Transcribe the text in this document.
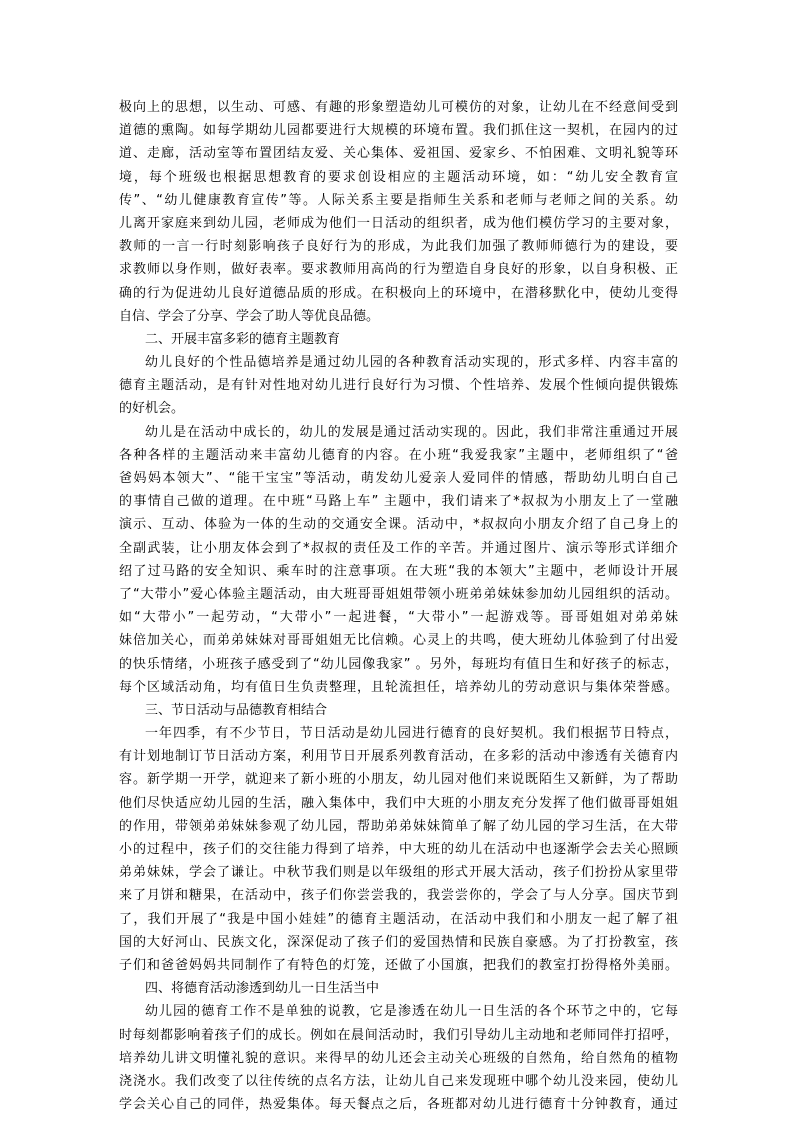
极向上的思想，以生动、可感、有趣的形象塑造幼儿可模仿的对象，让幼儿在不经意间受到
道德的熏陶。如每学期幼儿园都要进行大规模的环境布置。我们抓住这一契机，在园内的过
道、走廊，活动室等布置团结友爱、关心集体、爱祖国、爱家乡、不怕困难、文明礼貌等环
境，每个班级也根据思想教育的要求创设相应的主题活动环境，如：“幼儿安全教育宣
传”、“幼儿健康教育宣传”等。人际关系主要是指师生关系和老师与老师之间的关系。幼
儿离开家庭来到幼儿园，老师成为他们一日活动的组织者，成为他们模仿学习的主要对象，
教师的一言一行时刻影响孩子良好行为的形成，为此我们加强了教师师德行为的建设，要
求教师以身作则，做好表率。要求教师用高尚的行为塑造自身良好的形象，以自身积极、正
确的行为促进幼儿良好道德品质的形成。在积极向上的环境中，在潜移默化中，使幼儿变得
自信、学会了分享、学会了助人等优良品德。
二、开展丰富多彩的德育主题教育
幼儿良好的个性品德培养是通过幼儿园的各种教育活动实现的，形式多样、内容丰富的
德育主题活动，是有针对性地对幼儿进行良好行为习惯、个性培养、发展个性倾向提供锻炼
的好机会。
幼儿是在活动中成长的，幼儿的发展是通过活动实现的。因此，我们非常注重通过开展
各种各样的主题活动来丰富幼儿德育的内容。在小班“我爱我家”主题中，老师组织了“爸
爸妈妈本领大”、“能干宝宝”等活动，萌发幼儿爱亲人爱同伴的情感，帮助幼儿明白自己
的事情自己做的道理。在中班“马路上车” 主题中，我们请来了*叔叔为小朋友上了一堂融
演示、互动、体验为一体的生动的交通安全课。活动中，*叔叔向小朋友介绍了自己身上的
全副武装，让小朋友体会到了*叔叔的责任及工作的辛苦。并通过图片、演示等形式详细介
绍了过马路的安全知识、乘车时的注意事项。在大班“我的本领大”主题中，老师设计开展
了“大带小”爱心体验主题活动，由大班哥哥姐姐带领小班弟弟妹妹参加幼儿园组织的活动。
如“大带小”一起劳动，“大带小”一起进餐，“大带小”一起游戏等。哥哥姐姐对弟弟妹
妹倍加关心，而弟弟妹妹对哥哥姐姐无比信赖。心灵上的共鸣，使大班幼儿体验到了付出爱
的快乐情绪，小班孩子感受到了“幼儿园像我家” 。另外，每班均有值日生和好孩子的标志，
每个区域活动角，均有值日生负责整理，且轮流担任，培养幼儿的劳动意识与集体荣誉感。
三、节日活动与品德教育相结合
一年四季，有不少节日，节日活动是幼儿园进行德育的良好契机。我们根据节日特点，
有计划地制订节日活动方案，利用节日开展系列教育活动，在多彩的活动中渗透有关德育内
容。新学期一开学，就迎来了新小班的小朋友，幼儿园对他们来说既陌生又新鲜，为了帮助
他们尽快适应幼儿园的生活，融入集体中，我们中大班的小朋友充分发挥了他们做哥哥姐姐
的作用，带领弟弟妹妹参观了幼儿园，帮助弟弟妹妹简单了解了幼儿园的学习生活，在大带
小的过程中，孩子们的交往能力得到了培养，中大班的幼儿在活动中也逐渐学会去关心照顾
弟弟妹妹，学会了谦让。中秋节我们则是以年级组的形式开展大活动，孩子们扮扮从家里带
来了月饼和糖果，在活动中，孩子们你尝尝我的，我尝尝你的，学会了与人分享。国庆节到
了，我们开展了“我是中国小娃娃”的德育主题活动，在活动中我们和小朋友一起了解了祖
国的大好河山、民族文化，深深促动了孩子们的爱国热情和民族自豪感。为了打扮教室，孩
子们和爸爸妈妈共同制作了有特色的灯笼，还做了小国旗，把我们的教室打扮得格外美丽。
四、将德育活动渗透到幼儿一日生活当中
幼儿园的德育工作不是单独的说教，它是渗透在幼儿一日生活的各个环节之中的，它每
时每刻都影响着孩子们的成长。例如在晨间活动时，我们引导幼儿主动地和老师同伴打招呼，
培养幼儿讲文明懂礼貌的意识。来得早的幼儿还会主动关心班级的自然角，给自然角的植物
浇浇水。我们改变了以往传统的点名方法，让幼儿自己来发现班中哪个幼儿没来园，使幼儿
学会关心自己的同伴，热爱集体。每天餐点之后，各班都对幼儿进行德育十分钟教育，通过
